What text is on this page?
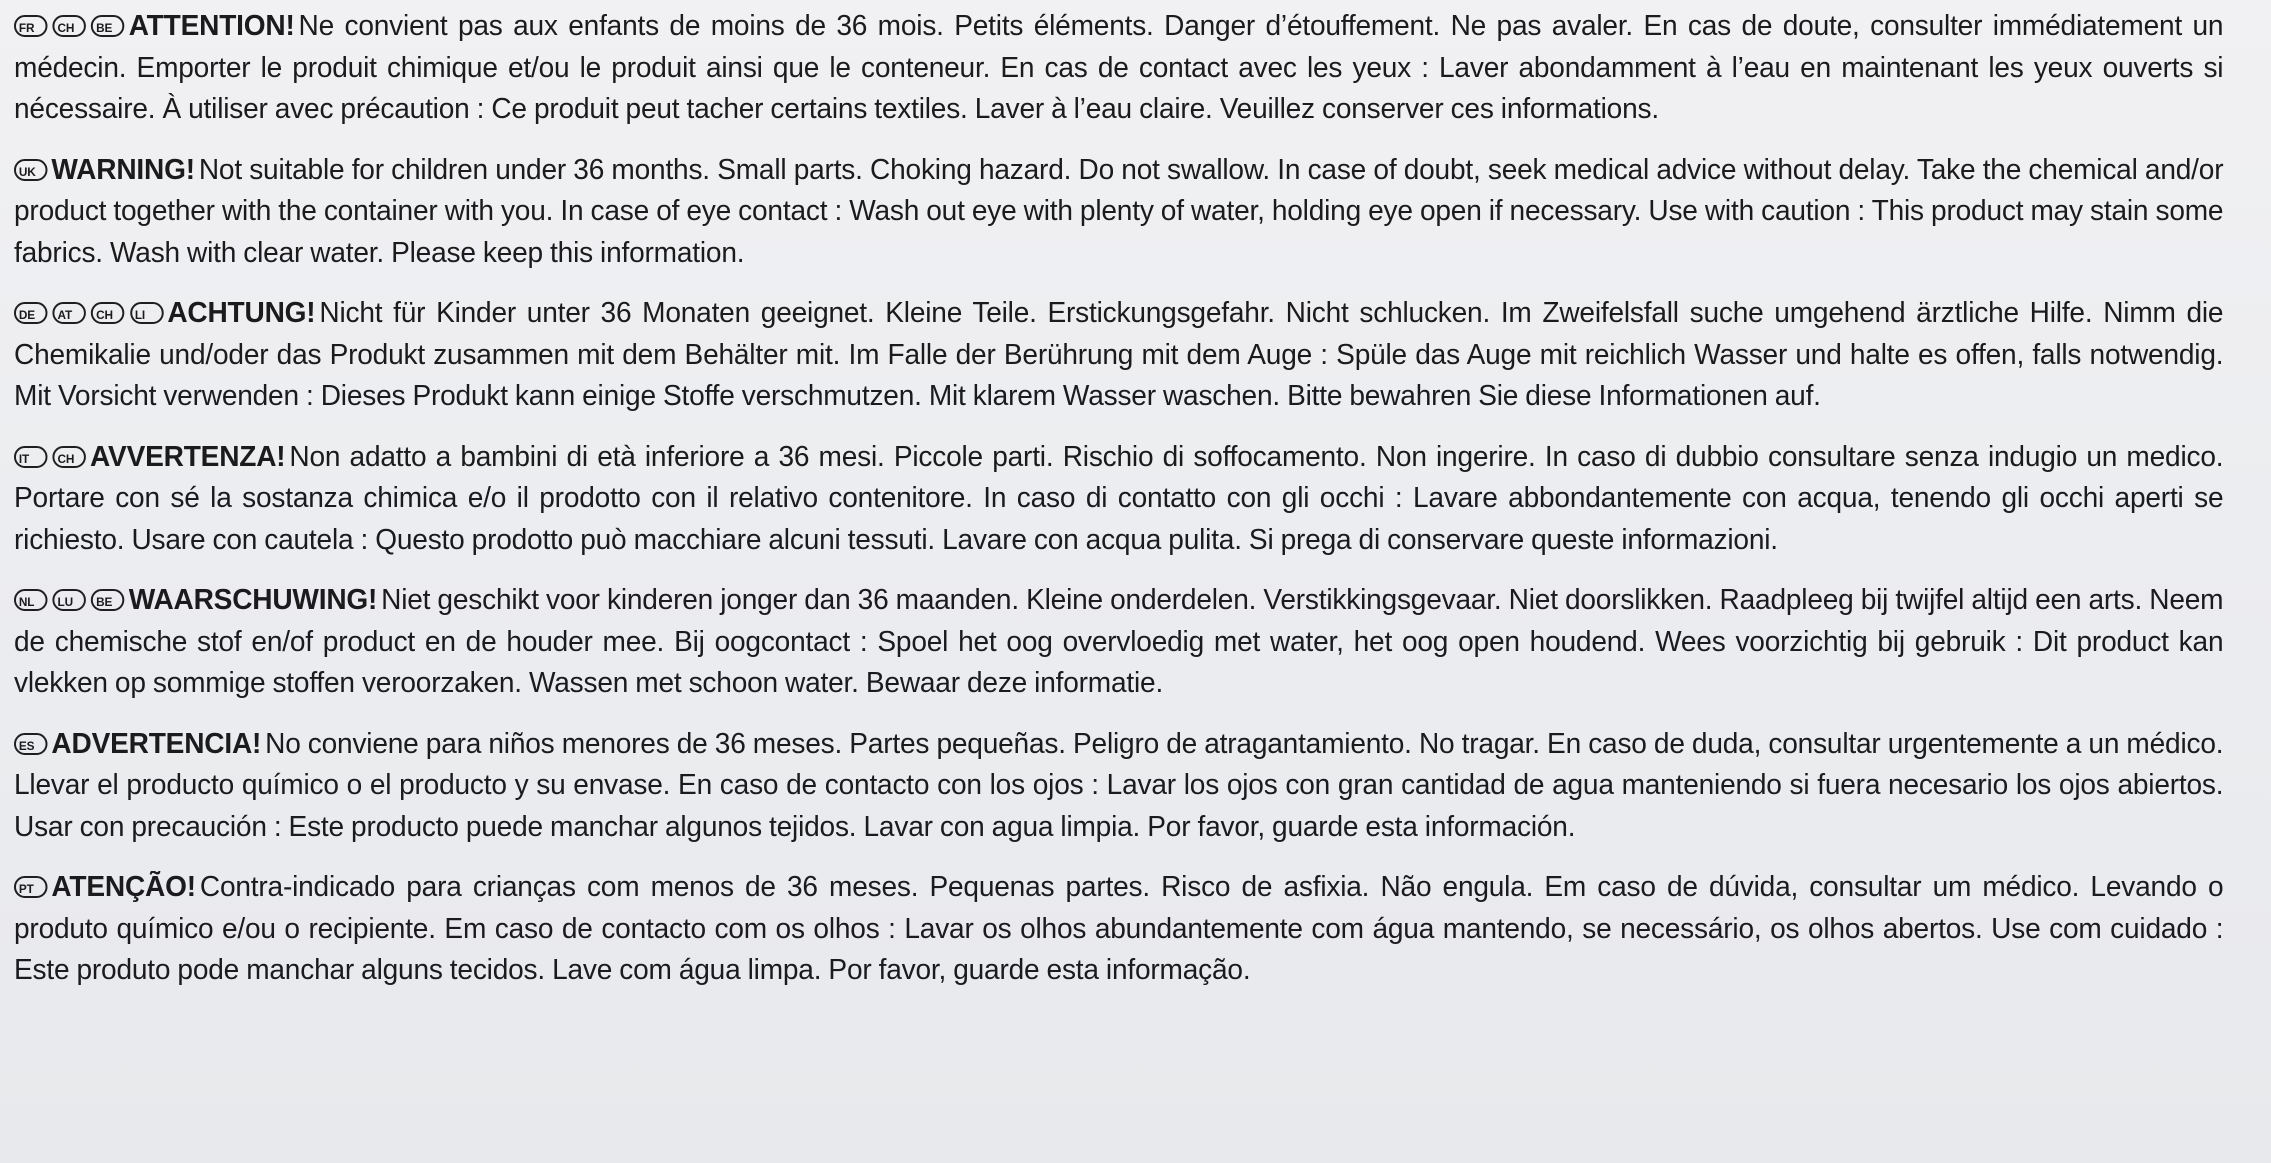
FR CH BE ATTENTION! Ne convient pas aux enfants de moins de 36 mois. Petits éléments. Danger d’étouffement. Ne pas avaler. En cas de doute, consulter immédiatement un médecin. Emporter le produit chimique et/ou le produit ainsi que le conteneur. En cas de contact avec les yeux : Laver abondamment à l’eau en maintenant les yeux ouverts si nécessaire. À utiliser avec précaution : Ce produit peut tacher certains textiles. Laver à l’eau claire. Veuillez conserver ces informations.

UK WARNING! Not suitable for children under 36 months. Small parts. Choking hazard. Do not swallow. In case of doubt, seek medical advice without delay. Take the chemical and/or product together with the container with you. In case of eye contact : Wash out eye with plenty of water, holding eye open if necessary. Use with caution : This product may stain some fabrics. Wash with clear water. Please keep this information.

DE AT CH LI ACHTUNG! Nicht für Kinder unter 36 Monaten geeignet. Kleine Teile. Erstickungsgefahr. Nicht schlucken. Im Zweifelsfall suche umgehend ärztliche Hilfe. Nimm die Chemikalie und/oder das Produkt zusammen mit dem Behälter mit. Im Falle der Berührung mit dem Auge : Spüle das Auge mit reichlich Wasser und halte es offen, falls notwendig. Mit Vorsicht verwenden : Dieses Produkt kann einige Stoffe verschmutzen. Mit klarem Wasser waschen. Bitte bewahren Sie diese Informationen auf.

IT CH AVVERTENZA! Non adatto a bambini di età inferiore a 36 mesi. Piccole parti. Rischio di soffocamento. Non ingerire. In caso di dubbio consultare senza indugio un medico. Portare con sé la sostanza chimica e/o il prodotto con il relativo contenitore. In caso di contatto con gli occhi : Lavare abbondantemente con acqua, tenendo gli occhi aperti se richiesto. Usare con cautela : Questo prodotto può macchiare alcuni tessuti. Lavare con acqua pulita. Si prega di conservare queste informazioni.

NL LU BE WAARSCHUWING! Niet geschikt voor kinderen jonger dan 36 maanden. Kleine onderdelen. Verstikkingsgevaar. Niet doorslikken. Raadpleeg bij twijfel altijd een arts. Neem de chemische stof en/of product en de houder mee. Bij oogcontact : Spoel het oog overvloedig met water, het oog open houdend. Wees voorzichtig bij gebruik : Dit product kan vlekken op sommige stoffen veroorzaken. Wassen met schoon water. Bewaar deze informatie.

ES ADVERTENCIA! No conviene para niños menores de 36 meses. Partes pequeñas. Peligro de atragantamiento. No tragar. En caso de duda, consultar urgentemente a un médico. Llevar el producto químico o el producto y su envase. En caso de contacto con los ojos : Lavar los ojos con gran cantidad de agua manteniendo si fuera necesario los ojos abiertos. Usar con precaución : Este producto puede manchar algunos tejidos. Lavar con agua limpia. Por favor, guarde esta información.

PT ATENÇÃO! Contra-indicado para crianças com menos de 36 meses. Pequenas partes. Risco de asfixia. Não engula. Em caso de dúvida, consultar um médico. Levando o produto químico e/ou o recipiente. Em caso de contacto com os olhos : Lavar os olhos abundantemente com água mantendo, se necessário, os olhos abertos. Use com cuidado : Este produto pode manchar alguns tecidos. Lave com água limpa. Por favor, guarde esta informação.
